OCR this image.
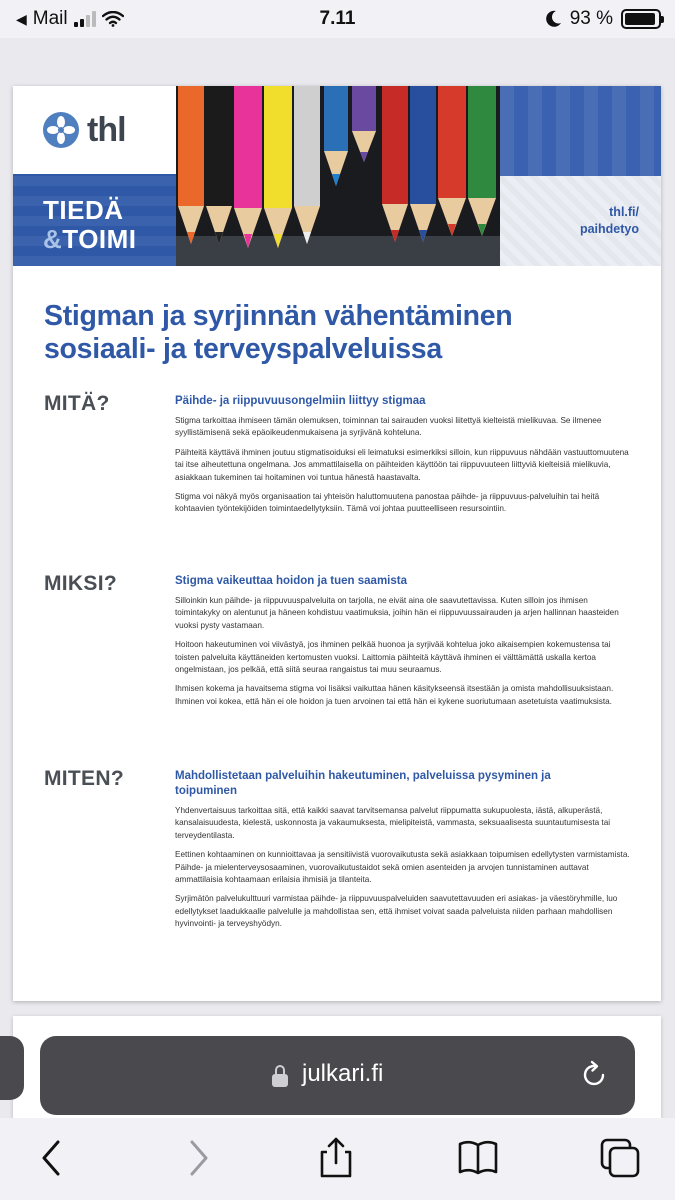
◀ Mail	7.11	93 %
thl
TIEDÄ
&TOIMI
thl.fi/
paihdetyo
Stigman ja syrjinnän vähentäminen
sosiaali- ja terveyspalveluissa
MITÄ?	Päihde- ja riippuvuusongelmiin liittyy stigmaa

Stigma tarkoittaa ihmiseen tämän olemuksen, toiminnan tai sairauden vuoksi liitettyä kielteistä mielikuvaa. Se ilmenee syyllistämisenä sekä epäoikeudenmukaisena ja syrjivänä kohteluna.

Päihteitä käyttävä ihminen joutuu stigmatisoiduksi eli leimatuksi esimerkiksi silloin, kun riippuvuus nähdään vastuuttomuutena tai itse aiheutettuna ongelmana. Jos ammattilaisella on päihteiden käyttöön tai riippuvuuteen liittyviä kielteisiä mielikuvia, asiakkaan tukeminen tai hoitaminen voi tuntua hänestä haastavalta.

Stigma voi näkyä myös organisaation tai yhteisön haluttomuutena panostaa päihde- ja riippuvuus-palveluihin tai heitä kohtaavien työntekijöiden toimintaedellytyksiin. Tämä voi johtaa puutteelliseen resursointiin.

MIKSI?	Stigma vaikeuttaa hoidon ja tuen saamista

Silloinkin kun päihde- ja riippuvuuspalveluita on tarjolla, ne eivät aina ole saavutettavissa. Kuten silloin jos ihmisen toimintakyky on alentunut ja häneen kohdistuu vaatimuksia, joihin hän ei riippuvuussairauden ja arjen hallinnan haasteiden vuoksi pysty vastamaan.

Hoitoon hakeutuminen voi viivästyä, jos ihminen pelkää huonoa ja syrjivää kohtelua joko aikaisempien kokemustensa tai toisten palveluita käyttäneiden kertomusten vuoksi. Laittomia päihteitä käyttävä ihminen ei välttämättä uskalla kertoa ongelmistaan, jos pelkää, että siitä seuraa rangaistus tai muu seuraamus.

Ihmisen kokema ja havaitsema stigma voi lisäksi vaikuttaa hänen käsitykseensä itsestään ja omista mahdollisuuksistaan. Ihminen voi kokea, että hän ei ole hoidon ja tuen arvoinen tai että hän ei kykene suoriutumaan asetetuista vaatimuksista.

MITEN?	Mahdollistetaan palveluihin hakeutuminen, palveluissa pysyminen ja toipuminen

Yhdenvertaisuus tarkoittaa sitä, että kaikki saavat tarvitsemansa palvelut riippumatta sukupuolesta, iästä, alkuperästä, kansalaisuudesta, kielestä, uskonnosta ja vakaumuksesta, mielipiteistä, vammasta, seksuaalisesta suuntautumisesta tai terveydentilasta.

Eettinen kohtaaminen on kunnioittavaa ja sensitiivistä vuorovaikutusta sekä asiakkaan toipumisen edellytysten varmistamista. Päihde- ja mielenterveysosaaminen, vuorovaikutustaidot sekä omien asenteiden ja arvojen tunnistaminen auttavat ammattilaisia kohtaamaan erilaisia ihmisiä ja tilanteita.

Syrjimätön palvelukulttuuri varmistaa päihde- ja riippuvuuspalveluiden saavutettavuuden eri asiakas- ja väestöryhmille, luo edellytykset laadukkaalle palvelulle ja mahdollistaa sen, että ihmiset voivat saada palveluista niiden parhaan mahdollisen hyvinvointi- ja terveyshyödyn.

julkari.fi
